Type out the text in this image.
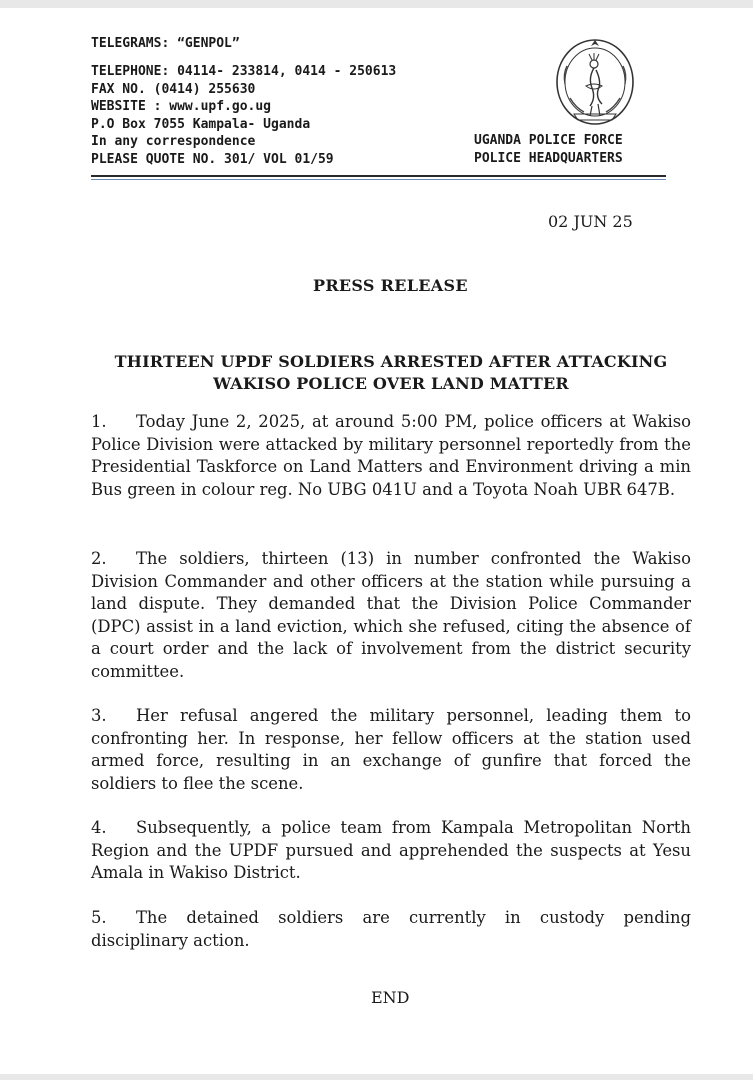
TELEGRAMS: “GENPOL”
TELEPHONE: 04114- 233814, 0414 - 250613
FAX NO. (0414) 255630
WEBSITE : www.upf.go.ug
P.O Box 7055 Kampala- Uganda
In any correspondence
PLEASE QUOTE NO. 301/ VOL 01/59
UGANDA POLICE FORCE
POLICE HEADQUARTERS
02 JUN 25
PRESS RELEASE
THIRTEEN UPDF SOLDIERS ARRESTED AFTER ATTACKING
WAKISO POLICE OVER LAND MATTER
1. Today June 2, 2025, at around 5:00 PM, police officers at Wakiso Police Division were attacked by military personnel reportedly from the Presidential Taskforce on Land Matters and Environment driving a min Bus green in colour reg. No UBG 041U and a Toyota Noah UBR 647B.
2. The soldiers, thirteen (13) in number confronted the Wakiso Division Commander and other officers at the station while pursuing a land dispute. They demanded that the Division Police Commander (DPC) assist in a land eviction, which she refused, citing the absence of a court order and the lack of involvement from the district security committee.
3. Her refusal angered the military personnel, leading them to confronting her. In response, her fellow officers at the station used armed force, resulting in an exchange of gunfire that forced the soldiers to flee the scene.
4. Subsequently, a police team from Kampala Metropolitan North Region and the UPDF pursued and apprehended the suspects at Yesu Amala in Wakiso District.
5. The detained soldiers are currently in custody pending disciplinary action.
END
